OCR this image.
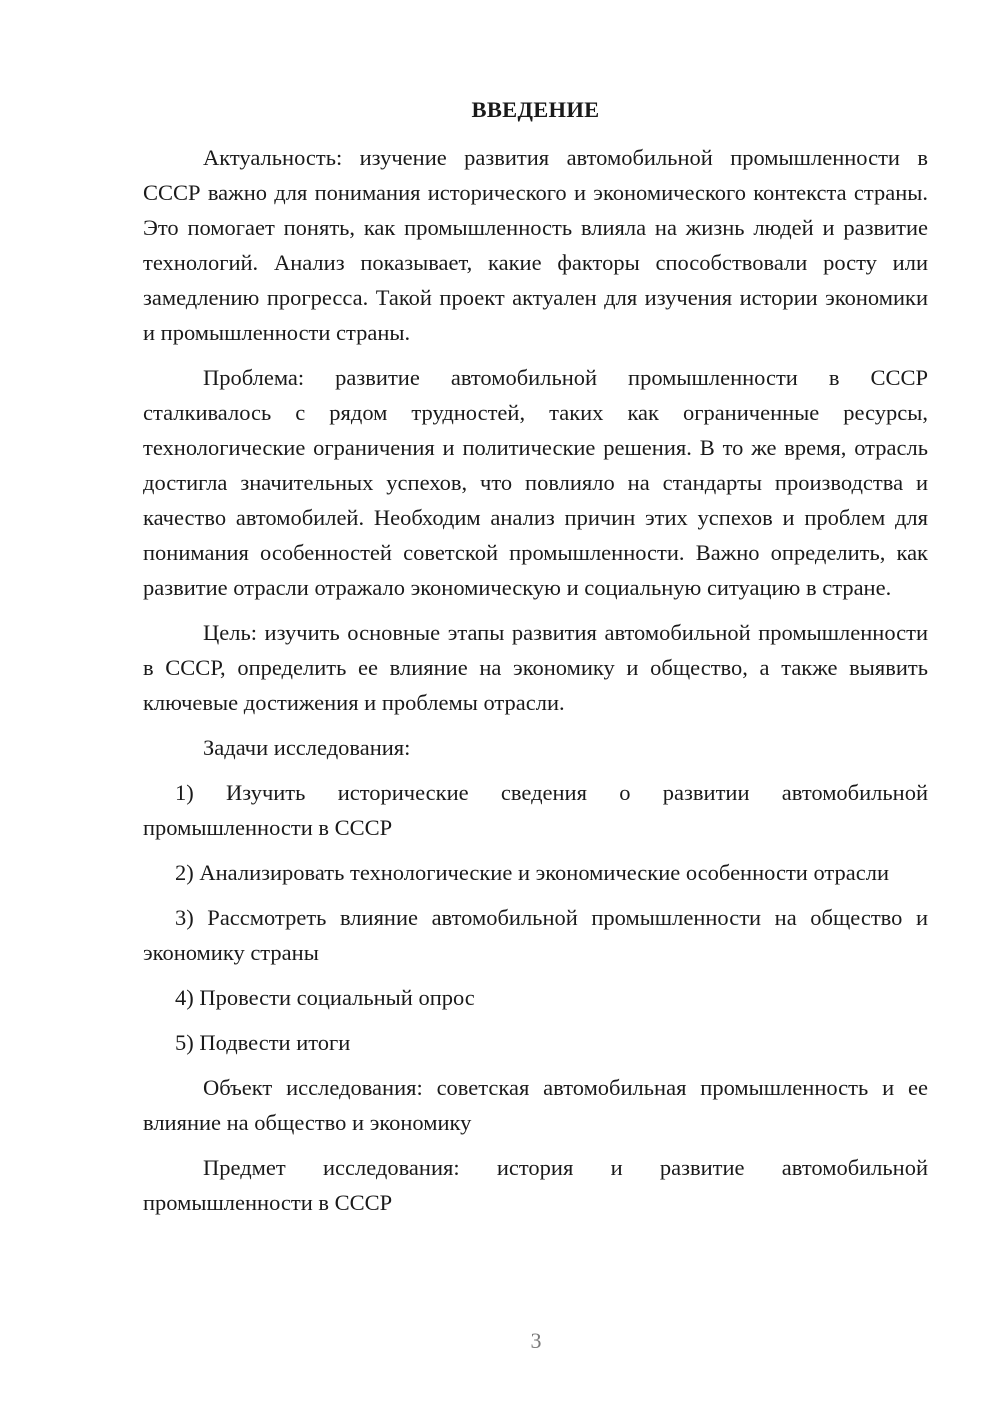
ВВЕДЕНИЕ

Актуальность: изучение развития автомобильной промышленности в СССР важно для понимания исторического и экономического контекста страны. Это помогает понять, как промышленность влияла на жизнь людей и развитие технологий. Анализ показывает, какие факторы способствовали росту или замедлению прогресса. Такой проект актуален для изучения истории экономики и промышленности страны.

Проблема: развитие автомобильной промышленности в СССР сталкивалось с рядом трудностей, таких как ограниченные ресурсы, технологические ограничения и политические решения. В то же время, отрасль достигла значительных успехов, что повлияло на стандарты производства и качество автомобилей. Необходим анализ причин этих успехов и проблем для понимания особенностей советской промышленности. Важно определить, как развитие отрасли отражало экономическую и социальную ситуацию в стране.

Цель: изучить основные этапы развития автомобильной промышленности в СССР, определить ее влияние на экономику и общество, а также выявить ключевые достижения и проблемы отрасли.

Задачи исследования:

1) Изучить исторические сведения о развитии автомобильной промышленности в СССР

2) Анализировать технологические и экономические особенности отрасли

3) Рассмотреть влияние автомобильной промышленности на общество и экономику страны

4) Провести социальный опрос

5) Подвести итоги

Объект исследования: советская автомобильная промышленность и ее влияние на общество и экономику

Предмет исследования: история и развитие автомобильной промышленности в СССР

3
